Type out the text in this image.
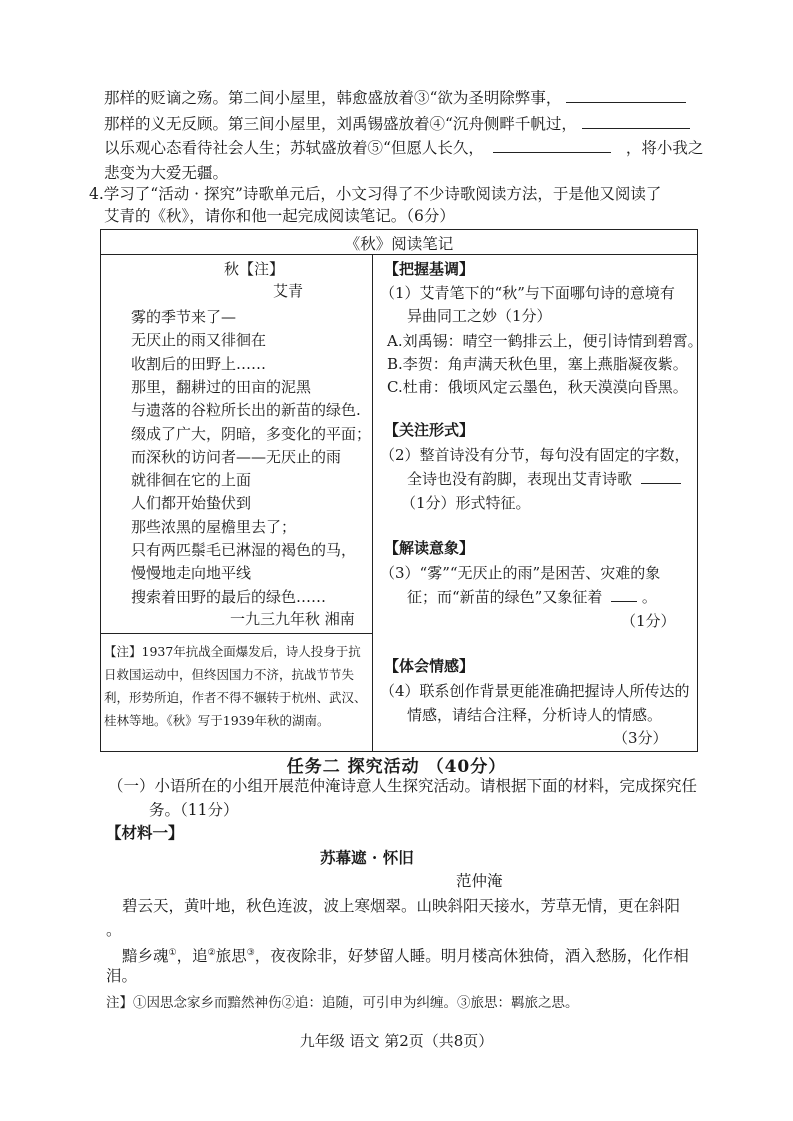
那样的贬谪之殇。第二间小屋里，韩愈盛放着③“欲为圣明除弊事，
那样的义无反顾。第三间小屋里，刘禹锡盛放着④“沉舟侧畔千帆过，
以乐观心态看待社会人生；苏轼盛放着⑤“但愿人长久，	，将小我之
悲变为大爱无疆。
4.学习了“活动 · 探究”诗歌单元后，小文习得了不少诗歌阅读方法，于是他又阅读了
艾青的《秋》，请你和他一起完成阅读笔记。（6分）
《秋》阅读笔记
秋【注】
艾青
雾的季节来了—
无厌止的雨又徘徊在
收割后的田野上……
那里，翻耕过的田亩的泥黑
与遗落的谷粒所长出的新苗的绿色.
缀成了广大，阴暗，多变化的平面；
而深秋的访问者——无厌止的雨
就徘徊在它的上面
人们都开始蛰伏到
那些浓黑的屋檐里去了；
只有两匹鬃毛已淋湿的褐色的马，
慢慢地走向地平线
搜索着田野的最后的绿色……
一九三九年秋 湘南
【注】1937年抗战全面爆发后，诗人投身于抗
日救国运动中，但终因国力不济，抗战节节失
利，形势所迫，作者不得不辗转于杭州、武汉、
桂林等地。《秋》写于1939年秋的湖南。
【把握基调】
（1）艾青笔下的“秋”与下面哪句诗的意境有
异曲同工之妙（1分）
A.刘禹锡：晴空一鹤排云上，便引诗情到碧霄。
B.李贺：角声满天秋色里，塞上燕脂凝夜紫。
C.杜甫：俄顷风定云墨色，秋天漠漠向昏黑。
【关注形式】
（2）整首诗没有分节，每句没有固定的字数，
全诗也没有韵脚，表现出艾青诗歌
（1分）形式特征。
【解读意象】
（3）“雾”“无厌止的雨”是困苦、灾难的象
征；而“新苗的绿色”又象征着	。
（1分）
【体会情感】
（4）联系创作背景更能准确把握诗人所传达的
情感，请结合注释，分析诗人的情感。
（3分）
任务二 探究活动 （40分）
（一）小语所在的小组开展范仲淹诗意人生探究活动。请根据下面的材料，完成探究任
务。（11分）
【材料一】
苏幕遮 · 怀旧
范仲淹
碧云天，黄叶地，秋色连波，波上寒烟翠。山映斜阳天接水，芳草无情，更在斜阳
。
黯乡魂①，追②旅思③，夜夜除非，好梦留人睡。明月楼高休独倚，酒入愁肠，化作相
泪。
注】①因思念家乡而黯然神伤②追：追随，可引申为纠缠。③旅思：羁旅之思。
九年级 语文 第2页（共8页）
